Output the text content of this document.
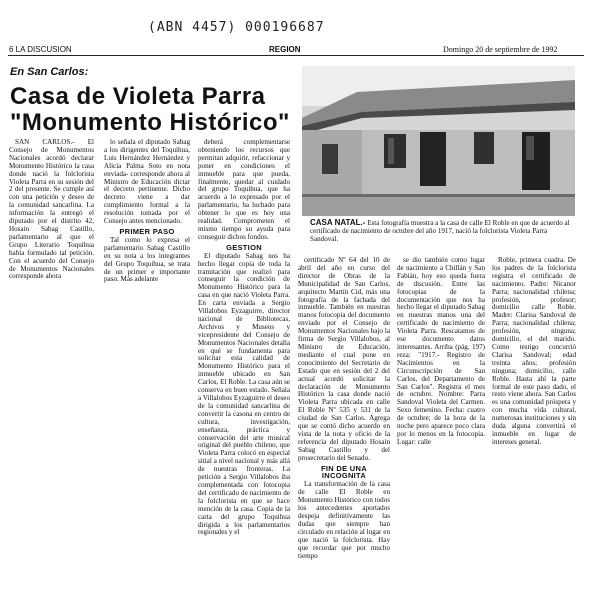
(ABN 4457) 000196687
6 LA DISCUSION	REGION	Domingo 20 de septiembre de 1992
En San Carlos:
Casa de Violeta Parra
"Monumento Histórico"
CASA NATAL.- Esta fotografía muestra a la casa de calle El Roble en que de acuerdo al certificado de nacimiento de octubre del año 1917, nació la folclorista Violeta Parra Sandoval.

SAN CARLOS.- El Consejo de Monumentos Nacionales acordó declarar Monumento Histórico la casa donde nació la folclorista Violeta Parra en su sesión del 2 del presente. Se cumple así con una petición y deseo de la comunidad sancarlina. La información la entregó el diputado por el distrito 42, Hosain Sabag Castillo, parlamentario al que el Grupo Literario Toquihua había formulado tal petición. Con el acuerdo del Consejo de Monumentos Nacionales corresponde ahora

lo señala el diputado Sabag a los dirigentes del Toquihua, Luis Hernández Hernández y Alicia Palma Soto en nota enviada- corresponde ahora al Ministro de Educación dictar el decreto pertinente. Dicho decreto viene a dar cumplimiento formal a la resolución tomada por el Consejo antes mencionado.

PRIMER PASO

Tal como lo expresa el parlamentario Sabag Castillo en su nota a los integrantes del Grupo Toquihua, se trata de un primer e importante paso. Más adelante

deberá complementarse obteniendo los recursos que permitan adquirir, refaccionar y poner en condiciones el inmueble para que pueda, finalmente, quedar al cuidado del grupo Toquihua, que ha acuerdo a lo expresado por el parlamentario, ha luchado para obtener lo que es hoy una realidad. Comprometen el mismo tiempo su ayuda para conseguir dichos fondos.

GESTION

El diputado Sabag nos ha hecho llegar copia de toda la tramitación que realizó para conseguir la condición de Monumento Histórico para la casa en que nació Violeta Parra. En carta enviada a Sergio Villalobos Eyzaguirre, director nacional de Bibliotecas, Archivos y Museos y vicepresidente del Consejo de Monumentos Nacionales detalla en qué se fundamenta para solicitar esta calidad de Monumento Histórico para el inmueble ubicado en San Carlos, El Roble. La casa aún se conserva en buen estado. Señala a Villalobos Eyzaguirre el deseo de la comunidad sancarlina de convertir la casona en centro de cultura, investigación, enseñanza, práctica y conservación del arte musical original del pueblo chileno, que Violeta Parra colocó en especial sitial a nivel nacional y más allá de nuestras fronteras. La petición a Sergio Villalobos iba complementada con fotocopia del certificado de nacimiento de la folclorista en que se hace mención de la casa. Copia de la carta del grupo Toquihua dirigida a los parlamentarios regionales y el

certificado Nº 64 del 10 de abril del año en curso del director de Obras de la Municipalidad de San Carlos, arquitecto Martín Cid, más una fotografía de la fachada del inmueble. También en nuestras manos fotocopia del documento enviado por el Consejo de Monumentos Nacionales bajo la firma de Sergio Villalobos, al Ministro de Educación, mediante el cual pone en conocimiento del Secretario de Estado que en sesión del 2 del actual acordó solicitar la declaración de Monumento Histórico la casa donde nació Violeta Parra ubicada en calle El Roble Nº 535 y 531 de la ciudad de San Carlos. Agrega que se contó dicho acuerdo en vista de la nota y oficio de la referencia del diputado Hosain Sabag Castillo y del prosecretario del Senado.

FIN DE UNA INCOGNITA

La transformación de la casa de calle El Roble en Monumento Histórico con todos los antecedentes aportados despeja definitivamente las dudas que siempre han circulado en relación al lugar en que nació la folclorista. Hay que recordar que por mucho tiempo

se dio también como lugar de nacimiento a Chillán y San Fabián, hoy eso queda fuera de discusión. Entre las fotocopias de la documentación que nos ha hecho llegar el diputado Sabag en nuestras manos una del certificado de nacimiento de Violeta Parra. Rescatamos de ese documento datos interesantes. Arriba (pág. 197) reza: "1917.- Registro de Nacimientos en la Circunscripción de San Carlos, del Departamento de San Carlos". Registra el mes de octubre. Nombre: Parra Sandoval Violeta del Carmen. Sexo femenino. Fecha: cuatro de octubre; de la hora de la noche pero aparece poco clara por lo menos en la fotocopia. Lugar: calle

Roble, primera cuadra. De los padres de la folclorista registra el certificado de nacimiento. Padre: Nicanor Parra; nacionalidad chilena; profesión, profesor; domicilio calle Roble. Madre: Clarisa Sandoval de Parra; nacionalidad chilena; profesión, ninguna; domicilio, el del marido. Como testigo concurrió Clarisa Sandoval; edad treinta años; profesión ninguna; domicilio, calle Roble. Hasta ahí la parte formal de este paso dado, el resto viene ahora. San Carlos es una comunidad próspera y con mucha vida cultural, numerosas instituciones y sin duda alguna convertirá el inmueble en lugar de intereses general.
